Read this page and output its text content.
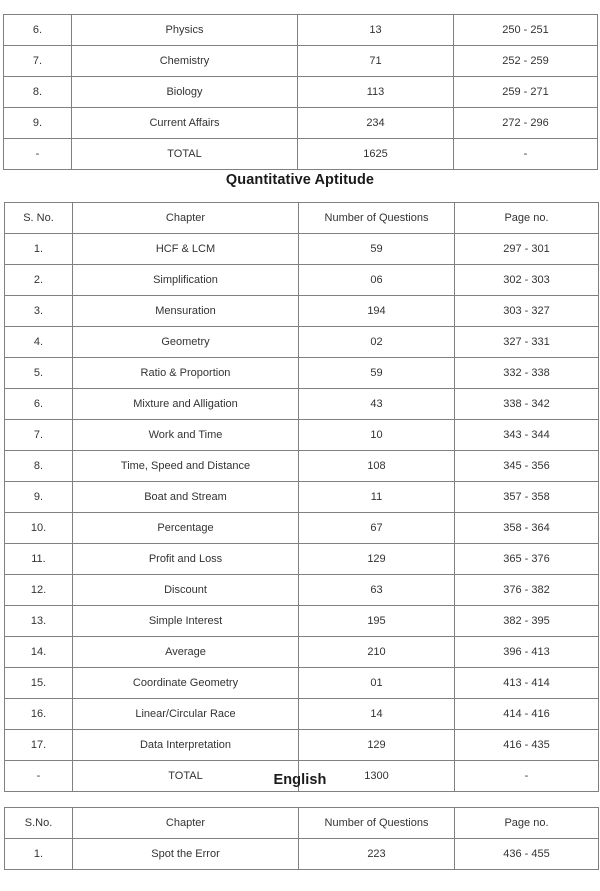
6.	Physics	13	250 - 251
7.	Chemistry	71	252 - 259
8.	Biology	113	259 - 271
9.	Current Affairs	234	272 - 296
-	TOTAL	1625	-
Quantitative Aptitude
S. No.	Chapter	Number of Questions	Page no.
1.	HCF & LCM	59	297 - 301
2.	Simplification	06	302 - 303
3.	Mensuration	194	303 - 327
4.	Geometry	02	327 - 331
5.	Ratio & Proportion	59	332 - 338
6.	Mixture and Alligation	43	338 - 342
7.	Work and Time	10	343 - 344
8.	Time, Speed and Distance	108	345 - 356
9.	Boat and Stream	11	357 - 358
10.	Percentage	67	358 - 364
11.	Profit and Loss	129	365 - 376
12.	Discount	63	376 - 382
13.	Simple Interest	195	382 - 395
14.	Average	210	396 - 413
15.	Coordinate Geometry	01	413 - 414
16.	Linear/Circular Race	14	414 - 416
17.	Data Interpretation	129	416 - 435
-	TOTAL	1300	-
English
S.No.	Chapter	Number of Questions	Page no.
1.	Spot the Error	223	436 - 455
